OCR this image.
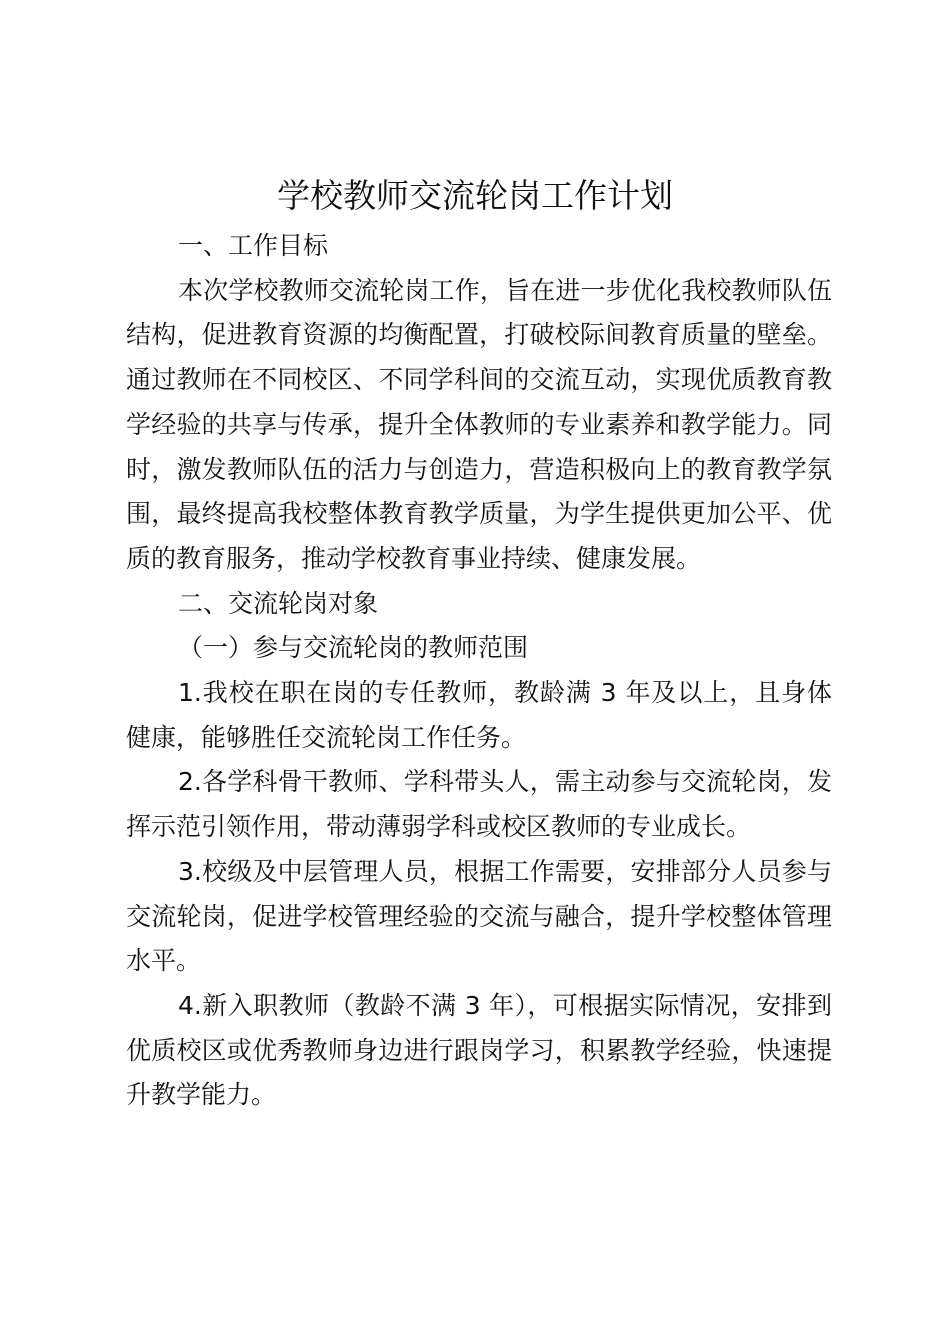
学校教师交流轮岗工作计划

一、工作目标

本次学校教师交流轮岗工作，旨在进一步优化我校教师队伍结构，促进教育资源的均衡配置，打破校际间教育质量的壁垒。通过教师在不同校区、不同学科间的交流互动，实现优质教育教学经验的共享与传承，提升全体教师的专业素养和教学能力。同时，激发教师队伍的活力与创造力，营造积极向上的教育教学氛围，最终提高我校整体教育教学质量，为学生提供更加公平、优质的教育服务，推动学校教育事业持续、健康发展。

二、交流轮岗对象

（一）参与交流轮岗的教师范围

1.我校在职在岗的专任教师，教龄满 3 年及以上，且身体健康，能够胜任交流轮岗工作任务。

2.各学科骨干教师、学科带头人，需主动参与交流轮岗，发挥示范引领作用，带动薄弱学科或校区教师的专业成长。

3.校级及中层管理人员，根据工作需要，安排部分人员参与交流轮岗，促进学校管理经验的交流与融合，提升学校整体管理水平。

4.新入职教师（教龄不满 3 年），可根据实际情况，安排到优质校区或优秀教师身边进行跟岗学习，积累教学经验，快速提升教学能力。
